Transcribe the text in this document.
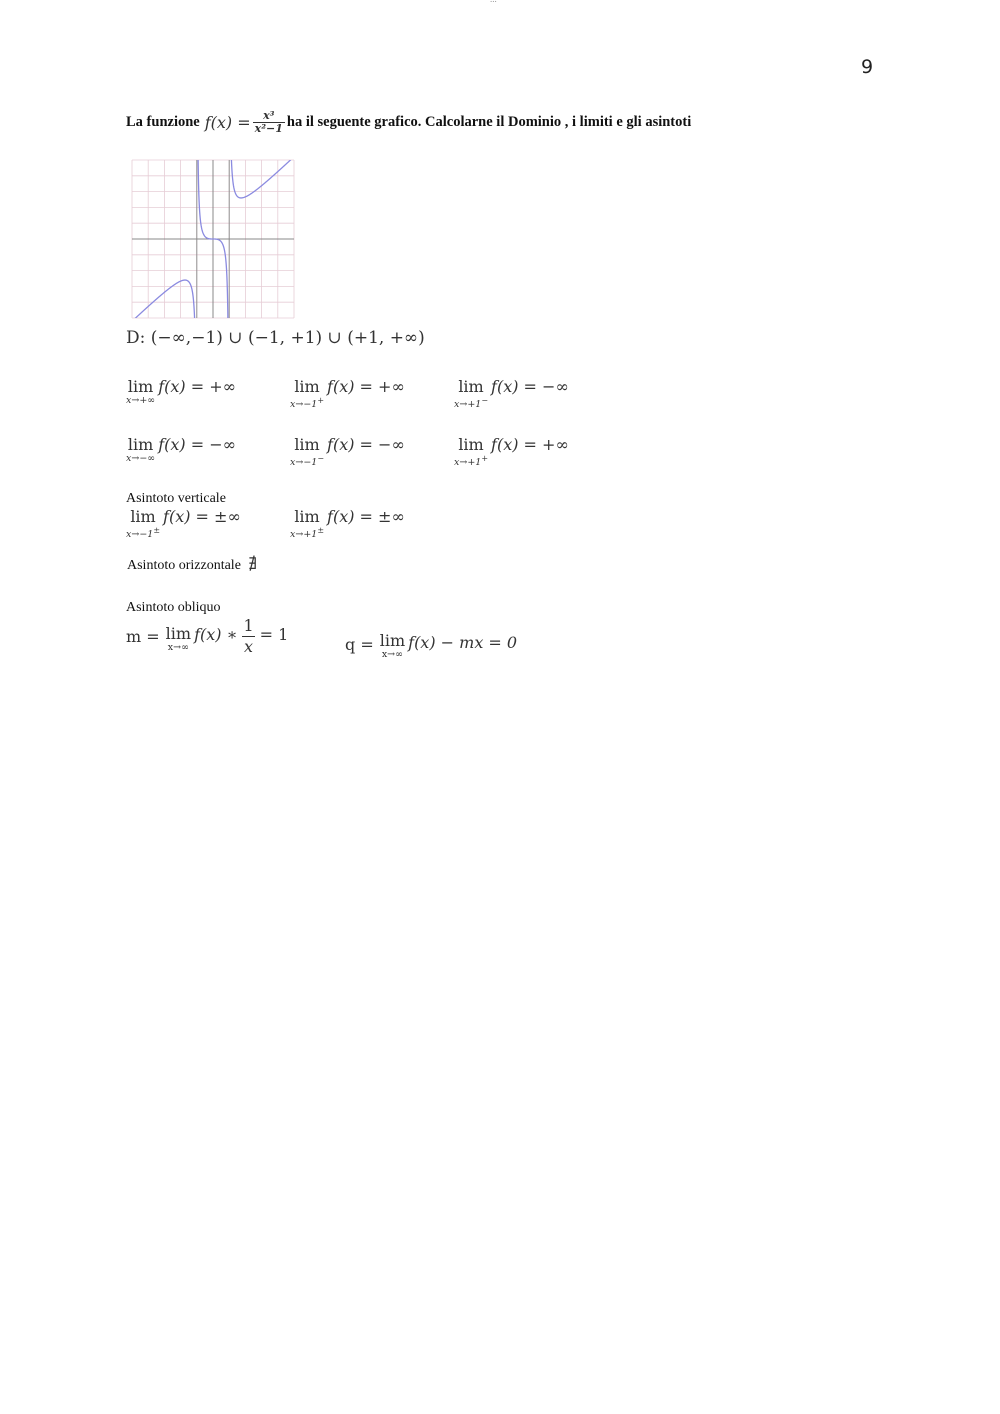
9
La funzione $f(x) = \frac{\text{x³}}{\text{x²−1}}$ ha il seguente grafico. Calcolarne il Dominio , i limiti e gli asintoti
D: (−∞,−1) ∪ (−1, +1) ∪ (+1, +∞)
lim
x→+∞
f(x) = +∞	lim
x→−1+
f(x) = +∞	lim
x→+1−
f(x) = −∞
lim
x→−∞
f(x) = −∞	lim
x→−1−
f(x) = −∞	lim
x→+1+
f(x) = +∞
Asintoto verticale
lim
x→−1±
f(x) = ±∞	lim
x→+1±
f(x) = ±∞
Asintoto orizzontale ∄
Asintoto obliquo
m = lim
x→∞
f(x) ∗ $\frac{1}{x} = 1$	q = lim
x→∞
f(x) − mx = 0
